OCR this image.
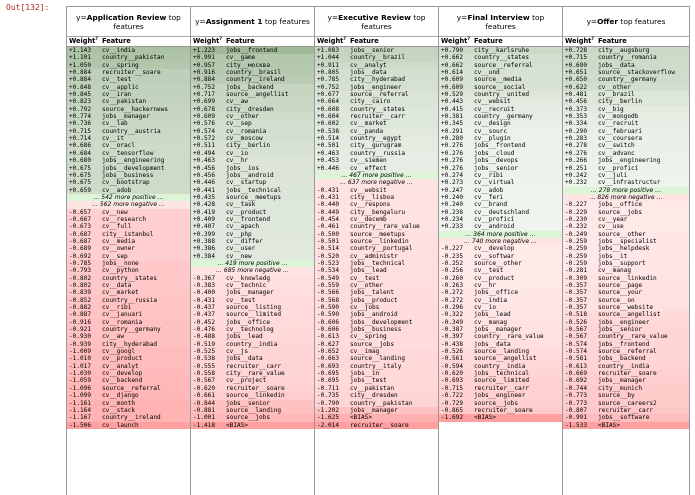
Out[132]:
y=Application Review top features
Weight? Feature
+1.143	cv__india
+1.101	country__pakistan
+1.050	cv__spring
+0.884	recruiter__soare
+0.884	cv__test
+0.848	cv__applic
+0.845	cv__iran
+0.823	cv__pakistan
+0.792	source__hackernews
+0.774	jobs__manager
+0.736	cv__lab
+0.715	country__austria
+0.714	cv__it
+0.686	cv__oracl
+0.684	cv__tensorflow
+0.680	jobs__engineering
+0.675	jobs__development
+0.675	jobs__business
+0.675	cv__bootstrap
+0.659	cv__adob
… 542 more positive …
… 562 more negative …
-0.657	cv__new
-0.667	cv__research
-0.673	cv__full
-0.687	city__istanbul
-0.687	cv__media
-0.689	cv__owner
-0.692	cv__sep
-0.785	jobs__none
-0.793	cv__python
-0.802	country__states
-0.802	cv__data
-0.839	cv__market
-0.852	country__russia
-0.882	cv__ribi
-0.887	cv__januari
-0.916	cv__romania
-0.921	country__germany
-0.930	cv__aw
-0.939	city__hyderabad
-1.009	cv__googl
-1.010	cv__product
-1.017	cv__analyt
-1.030	cv__develop
-1.059	cv__backend
-1.096	source__referral
-1.099	cv__django
-1.161	cv__month
-1.164	cv__stack
-1.167	country__ireland
-1.506	cv__launch
y=Assignment 1 top features
Weight? Feature
+1.223	jobs__frontend
+0.991	cv__game
+0.957	city__москва
+0.916	country__brasil
+0.884	country__ireland
+0.752	jobs__backend
+0.717	source__angellist
+0.699	cv__aw
+0.678	city__dresden
+0.609	cv__other
+0.576	cv__sep
+0.574	cv__romania
+0.572	cv__moscow
+0.511	city__berlin
+0.494	cv__io
+0.463	cv__hr
+0.456	jobs__ios
+0.456	jobs__android
+0.446	cv__startup
+0.441	jobs__technical
+0.435	source__meetups
+0.428	cv__task
+0.419	cv__product
+0.409	cv__frontend
+0.407	cv__apach
+0.399	cv__php
+0.388	cv__differ
+0.386	cv__user
+0.384	cv__new
… 419 more positive …
… 685 more negative …
-0.367	cv__knowledg
-0.383	cv__technic
-0.400	jobs__manager
-0.431	cv__test
-0.437	source__listing
-0.437	source__limited
-0.452	jobs__office
-0.476	cv__technolog
-0.488	jobs__lead
-0.519	country__india
-0.525	cv__js
-0.538	jobs__data
-0.555	recruiter__carr
-0.558	city__rare_value
-0.567	cv__project
-0.620	recruiter__soare
-0.661	source__linkedin
-0.844	jobs__senior
-0.881	source__landing
-1.001	source__jobs
-1.418	<BIAS>
y=Executive Review top features
Weight? Feature
+1.083	jobs__senior
+1.044	country__brazil
+0.911	cv__analyt
+0.805	jobs__data
+0.785	city__hyderabad
+0.752	jobs__engineer
+0.677	source__referral
+0.664	city__cairo
+0.608	country__states
+0.604	recruiter__carr
+0.602	cv__market
+0.538	cv__panda
+0.514	country__egypt
+0.501	city__gurugram
+0.463	country__russia
+0.453	cv__siemen
+0.446	cv__effect
… 467 more positive …
… 637 more negative …
-0.431	cv__websit
-0.431	city__lisboa
-0.440	cv__respons
-0.449	city__bengaluru
-0.454	cv__decemb
-0.461	country__rare_value
-0.500	source__meetups
-0.501	source__linkedin
-0.514	country__portugal
-0.520	cv__administr
-0.523	jobs__technical
-0.534	jobs__lead
-0.549	cv__test
-0.559	cv__other
-0.566	jobs__talent
-0.568	jobs__product
-0.590	cv__jobs
-0.590	jobs__android
-0.606	jobs__development
-0.606	jobs__business
-0.613	cv__spring
-0.627	source__jobs
-0.652	cv__imag
-0.663	source__landing
-0.693	country__italy
-0.695	jobs__in
-0.695	jobs__test
-0.711	cv__pakistan
-0.735	city__dresden
-0.790	country__pakistan
-1.202	jobs__manager
-1.625	<BIAS>
-2.014	recruiter__soare
y=Final Interview top features
Weight? Feature
+0.790	city__karlsruhe
+0.662	country__states
+0.662	source__referral
+0.614	cv__und
+0.609	source__media
+0.609	source__social
+0.529	country__united
+0.443	cv__websit
+0.415	cv__recruit
+0.381	country__germany
+0.345	cv__design
+0.291	cv__sourc
+0.280	cv__plugin
+0.276	jobs__frontend
+0.276	jobs__cloud
+0.276	jobs__devops
+0.276	jobs__senior
+0.274	cv__ribi
+0.273	cv__virtual
+0.247	cv__adob
+0.240	cv__feri
+0.240	cv__brand
+0.238	cv__deutschland
+0.234	cv__proficí
+0.233	cv__android
… 364 more positive …
… 740 more negative …
-0.227	cv__develop
-0.235	cv__softwar
-0.252	source__other
-0.256	cv__test
-0.260	cv__product
-0.263	cv__hr
-0.272	jobs__office
-0.272	cv__india
-0.296	cv__io
-0.322	jobs__lead
-0.349	cv__manag
-0.387	jobs__manager
-0.397	country__rare_value
-0.438	jobs__data
-0.526	source__landing
-0.561	source__angellist
-0.594	country__india
-0.620	jobs__technical
-0.693	source__limited
-0.715	recruiter__carr
-0.722	jobs__engineer
-0.729	source__jobs
-0.865	recruiter__soare
-1.692	<BIAS>
y=Offer top features
Weight? Feature
+0.728	city__augsburg
+0.715	country__romania
+0.690	jobs__data
+0.651	source__stackoverflow
+0.650	country__germany
+0.622	cv__other
+0.481	cv__brazil
+0.456	city__berlin
+0.373	cv__big
+0.353	cv__mongodb
+0.334	cv__recruit
+0.290	cv__februari
+0.283	cv__coursera
+0.278	cv__switch
+0.276	cv__advanc
+0.266	jobs__engineering
+0.251	cv__proficí
+0.242	cv__juli
+0.232	cv__infrastructur
… 278 more positive …
… 826 more negative …
-0.227	jobs__office
-0.229	source__jobs
-0.230	cv__year
-0.232	cv__use
-0.249	source__other
-0.259	jobs__specialist
-0.259	jobs__helpdesk
-0.259	jobs__it
-0.259	jobs__support
-0.281	cv__manag
-0.309	source__linkedin
-0.357	source__page
-0.357	source__your
-0.357	source__on
-0.357	source__website
-0.518	source__angellist
-0.526	jobs__engineer
-0.567	jobs__senior
-0.567	country__rare_value
-0.574	jobs__frontend
-0.574	source__referral
-0.581	jobs__backend
-0.613	country__india
-0.669	recruiter__soare
-0.692	jobs__manager
-0.744	city__munich
-0.773	source__by
-0.773	source__careers2
-0.807	recruiter__carr
-0.991	jobs__software
-1.533	<BIAS>
